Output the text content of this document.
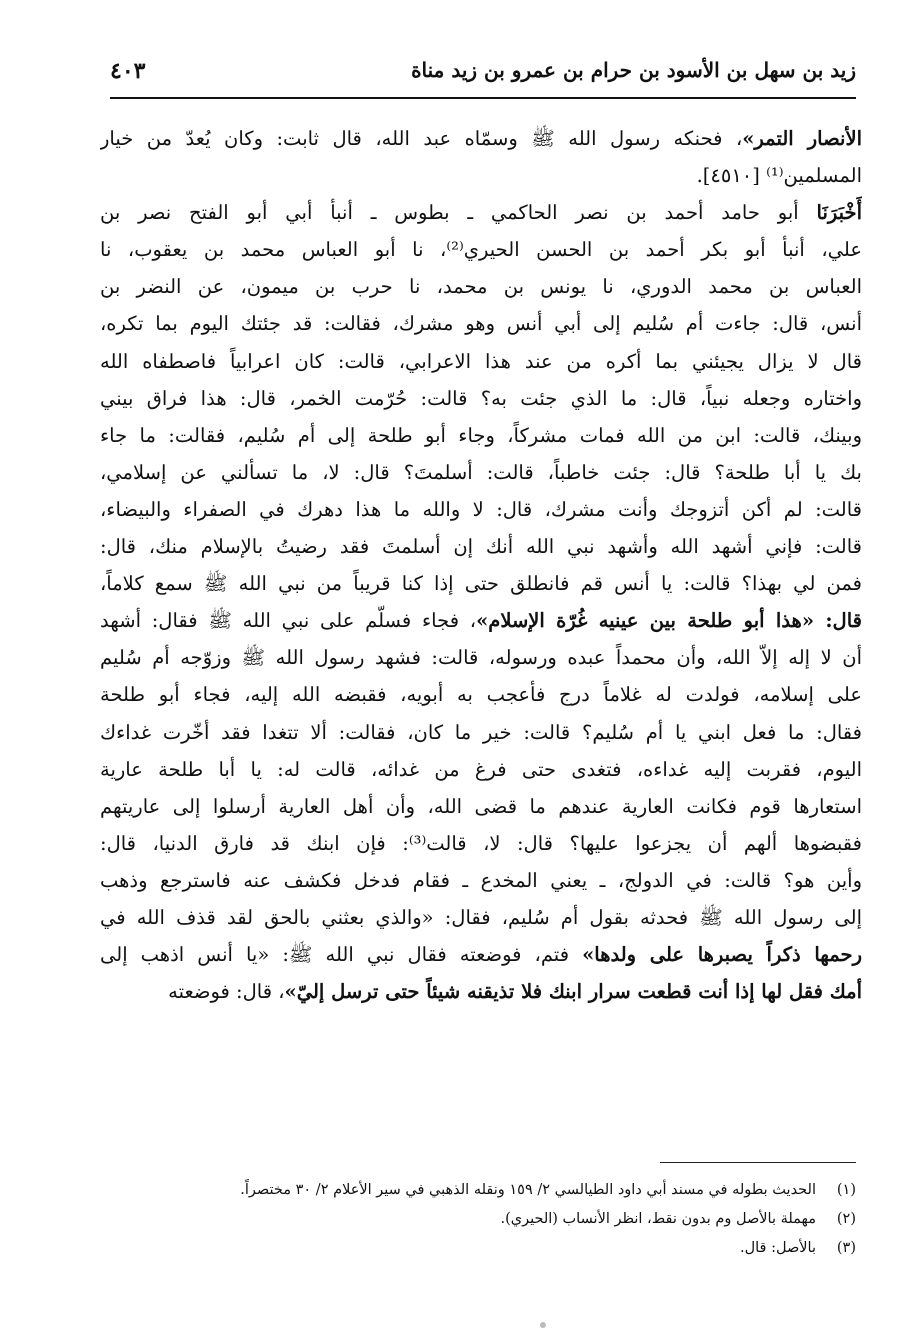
زيد بن سهل بن الأسود بن حرام بن عمرو بن زيد مناة
٤٠٣
الأنصار التمر»، فحنكه رسول الله ﷺ وسمّاه عبد الله، قال ثابت: وكان يُعدّ من خيار
المسلمين⁽¹⁾ [٤٥١٠].
أَخْبَرَنَا أبو حامد أحمد بن نصر الحاكمي ـ بطوس ـ أنبأ أبي أبو الفتح نصر بن
علي، أنبأ أبو بكر أحمد بن الحسن الحيري⁽²⁾، نا أبو العباس محمد بن يعقوب، نا
العباس بن محمد الدوري، نا يونس بن محمد، نا حرب بن ميمون، عن النضر بن
أنس، قال: جاءت أم سُليم إلى أبي أنس وهو مشرك، فقالت: قد جئتك اليوم بما تكره،
قال لا يزال يجيئني بما أكره من عند هذا الاعرابي، قالت: كان اعرابياً فاصطفاه الله
واختاره وجعله نبياً، قال: ما الذي جئت به؟ قالت: حُرّمت الخمر، قال: هذا فراق بيني
وبينك، قالت: ابن من الله فمات مشركاً، وجاء أبو طلحة إلى أم سُليم، فقالت: ما جاء
بك يا أبا طلحة؟ قال: جئت خاطباً، قالت: أسلمتَ؟ قال: لا، ما تسألني عن إسلامي،
قالت: لم أكن أتزوجك وأنت مشرك، قال: لا والله ما هذا دهرك في الصفراء والبيضاء،
قالت: فإني أشهد الله وأشهد نبي الله أنك إن أسلمتَ فقد رضيتُ بالإسلام منك، قال:
فمن لي بهذا؟ قالت: يا أنس قم فانطلق حتى إذا كنا قريباً من نبي الله ﷺ سمع كلاماً،
قال: «هذا أبو طلحة بين عينيه غُرّة الإسلام»، فجاء فسلّم على نبي الله ﷺ فقال: أشهد
أن لا إله إلاّ الله، وأن محمداً عبده ورسوله، قالت: فشهد رسول الله ﷺ وزوّجه أم سُليم
على إسلامه، فولدت له غلاماً درج فأعجب به أبويه، فقبضه الله إليه، فجاء أبو طلحة
فقال: ما فعل ابني يا أم سُليم؟ قالت: خير ما كان، فقالت: ألا تتغدا فقد أخّرت غداءك
اليوم، فقربت إليه غداءه، فتغدى حتى فرغ من غدائه، قالت له: يا أبا طلحة عارية
استعارها قوم فكانت العارية عندهم ما قضى الله، وأن أهل العارية أرسلوا إلى عاريتهم
فقبضوها ألهم أن يجزعوا عليها؟ قال: لا، قالت⁽³⁾: فإن ابنك قد فارق الدنيا، قال:
وأين هو؟ قالت: في الدولج، ـ يعني المخدع ـ فقام فدخل فكشف عنه فاسترجع وذهب
إلى رسول الله ﷺ فحدثه بقول أم سُليم، فقال: «والذي بعثني بالحق لقد قذف الله في
رحمها ذكراً يصبرها على ولدها» فتم، فوضعته فقال نبي الله ﷺ: «يا أنس اذهب إلى
أمك فقل لها إذا أنت قطعت سرار ابنك فلا تذيقنه شيئاً حتى ترسل إليّ»، قال: فوضعته
(١)
الحديث بطوله في مسند أبي داود الطيالسي ٢/ ١٥٩ ونقله الذهبي في سير الأعلام ٢/ ٣٠ مختصراً.
(٢)
مهملة بالأصل وم بدون نقط، انظر الأنساب (الحيري).
(٣)
بالأصل: قال.
